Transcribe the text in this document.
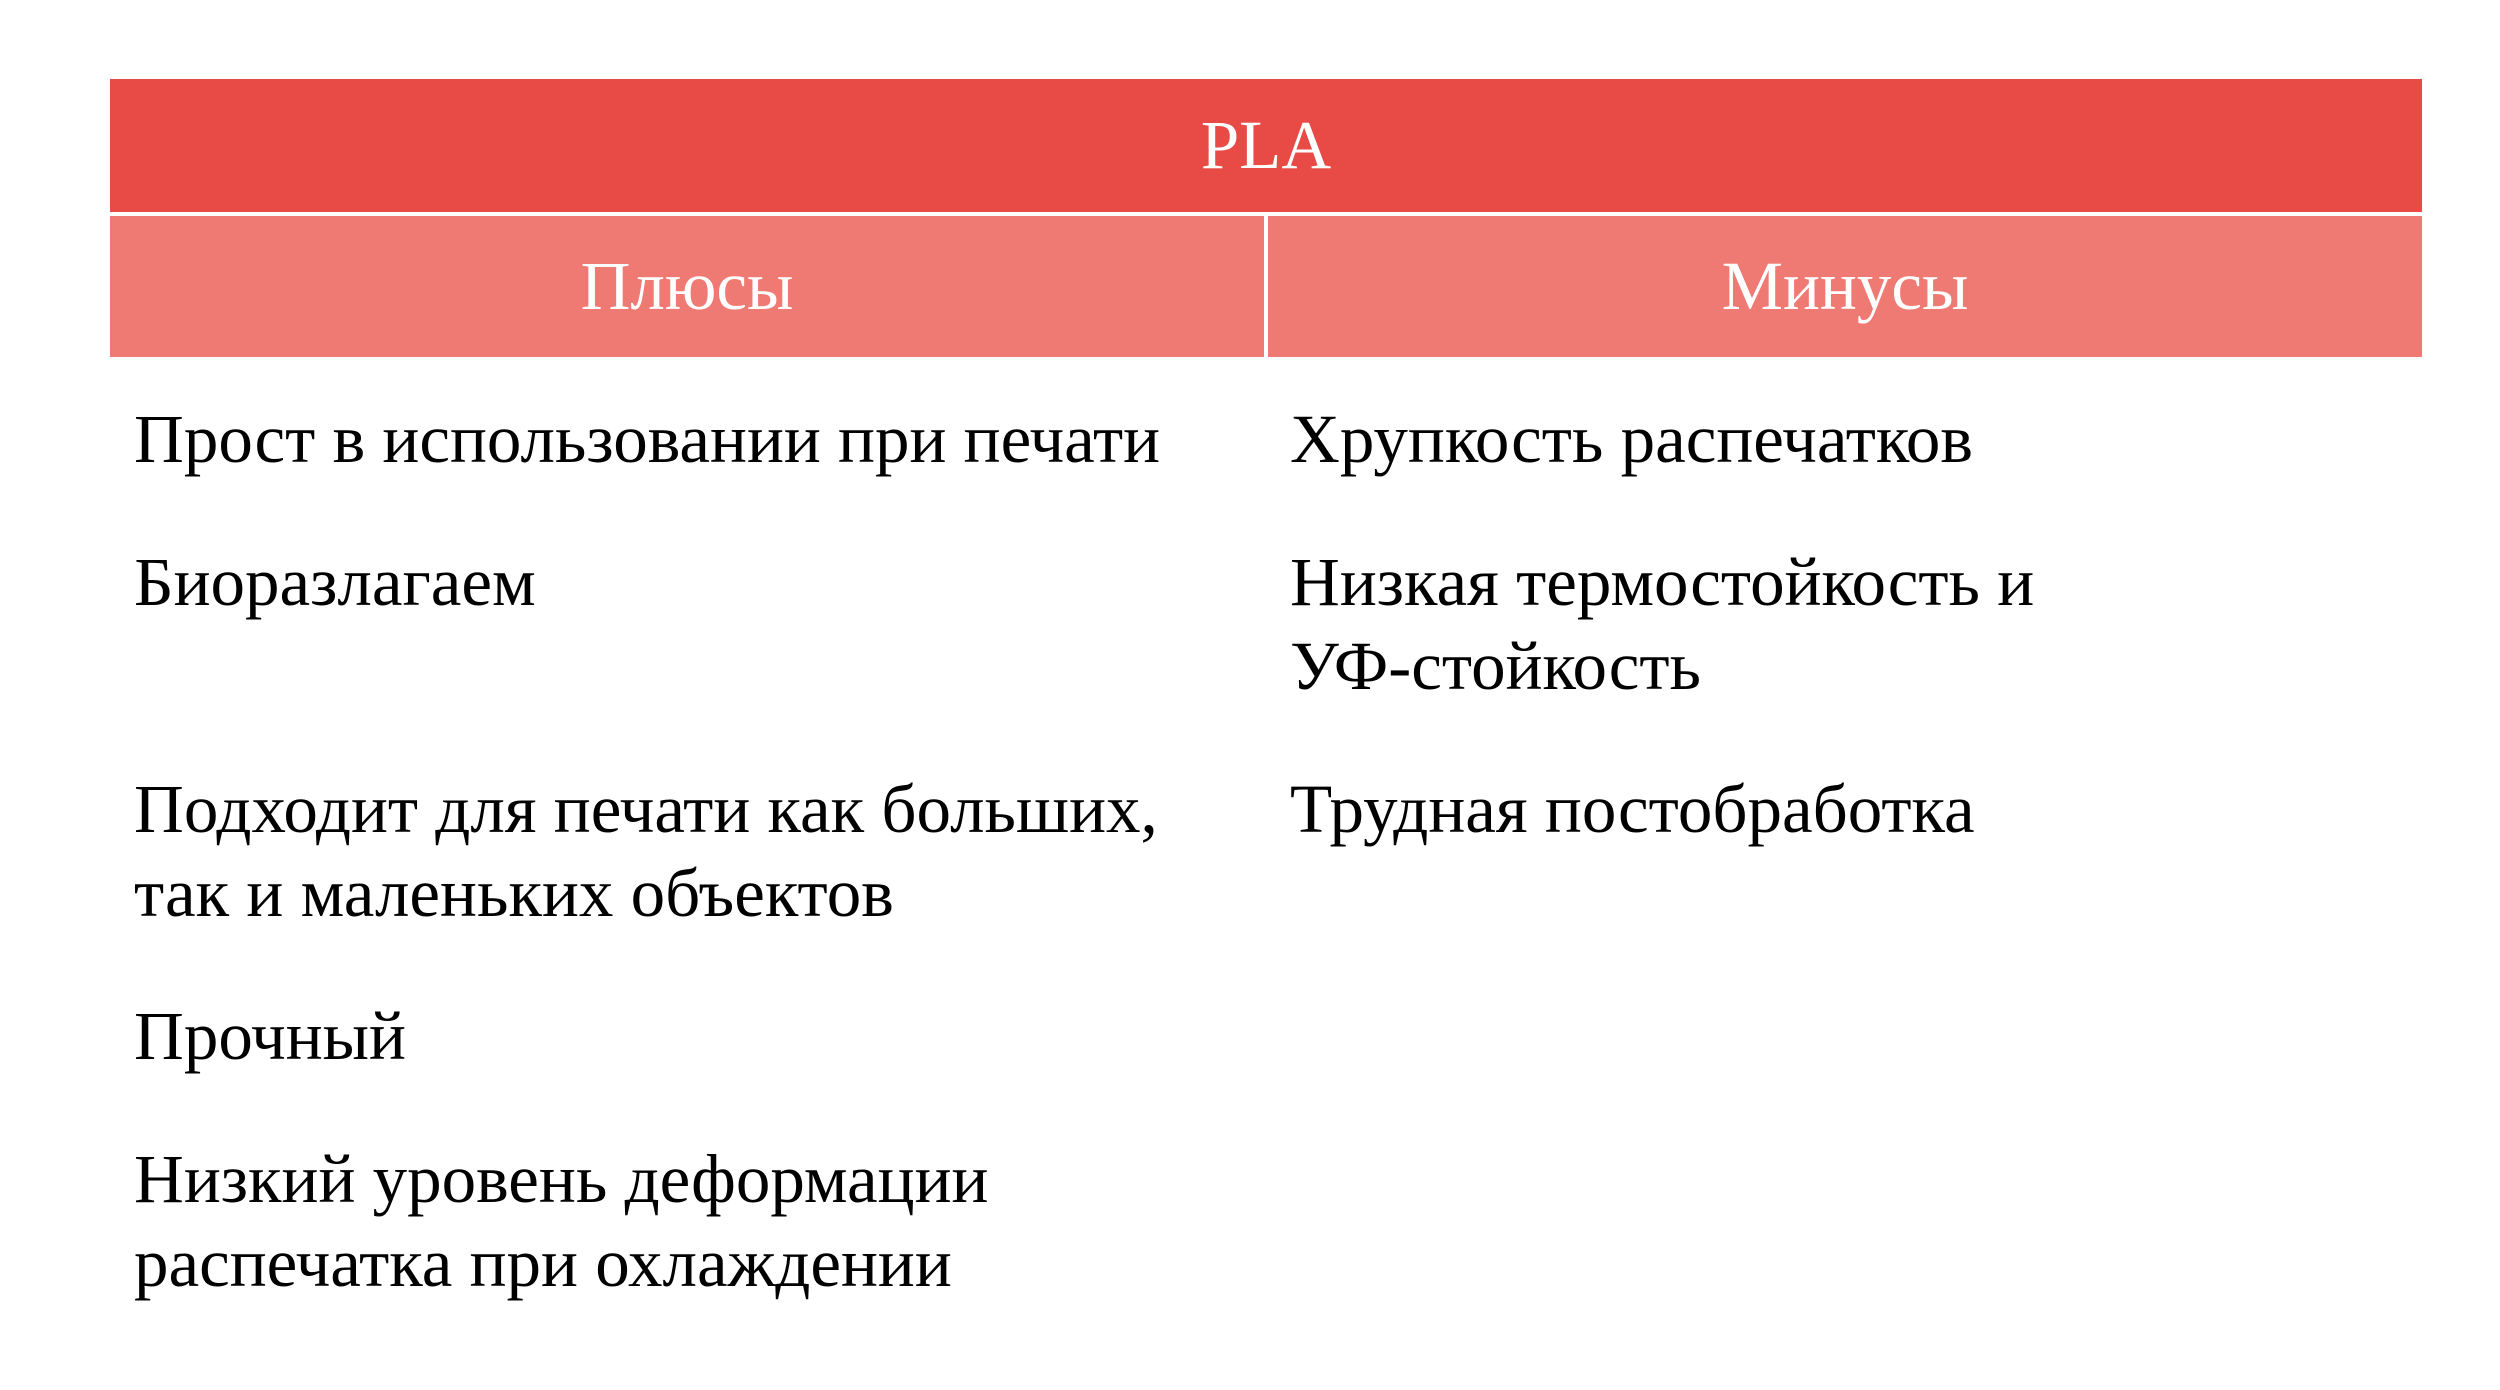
PLA
Плюсы	Минусы
Прост в использовании при печати
Биоразлагаем
Подходит для печати как больших, так и маленьких объектов
Прочный
Низкий уровень деформации распечатка при охлаждении
Хрупкость распечатков
Низкая термостойкость и УФ-стойкость
Трудная постобработка
